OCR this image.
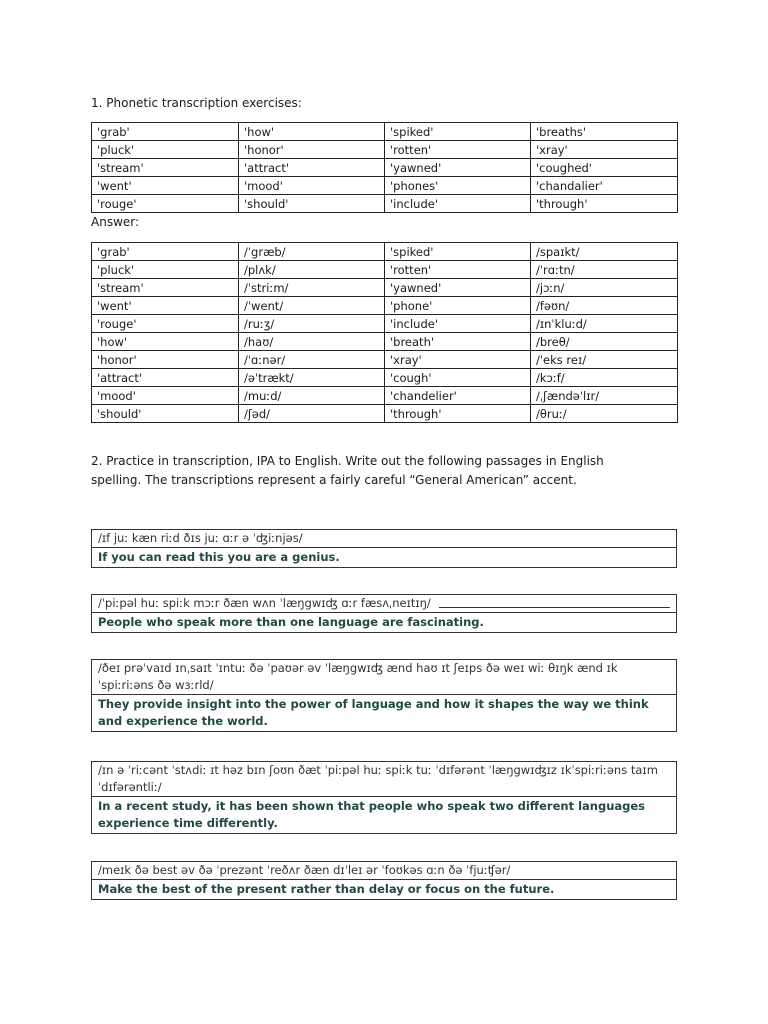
1. Phonetic transcription exercises:
'grab'	'how'	'spiked'	'breaths'
'pluck'	'honor'	'rotten'	'xray'
'stream'	'attract'	'yawned'	'coughed'
'went'	'mood'	'phones'	'chandalier'
'rouge'	'should'	'include'	'through'
Answer:
'grab'	/ˈgræb/	'spiked'	/spaɪkt/
'pluck'	/plʌk/	'rotten'	/ˈrɑːtn/
'stream'	/ˈstriːm/	'yawned'	/jɔːn/
'went'	/ˈwent/	'phone'	/fəʊn/
'rouge'	/ruːʒ/	'include'	/ɪnˈkluːd/
'how'	/haʊ/	'breath'	/breθ/
'honor'	/ˈɑːnər/	'xray'	/ˈeks reɪ/
'attract'	/əˈtrækt/	'cough'	/kɔːf/
'mood'	/muːd/	'chandelier'	/ˌʃændəˈlɪr/
'should'	/ʃəd/	'through'	/θruː/
2. Practice in transcription, IPA to English. Write out the following passages in English spelling. The transcriptions represent a fairly careful “General American” accent.
/ɪf juː kæn riːd ðɪs juː ɑːr ə ˈʤiːnjəs/
If you can read this you are a genius.
/ˈpiːpəl huː spiːk mɔːr ðæn wʌn ˈlæŋgwɪʤ ɑːr fæsʌˌneɪtɪŋ/
People who speak more than one language are fascinating.
/ðeɪ prəˈvaɪd ɪnˌsaɪt ˈɪntuː ðə ˈpaʊər əv ˈlæŋgwɪʤ ænd haʊ ɪt ʃeɪps ðə weɪ wiː θɪŋk ænd ɪkˈspiːriːəns ðə wɜːrld/
They provide insight into the power of language and how it shapes the way we think and experience the world.
/ɪn ə ˈriːcənt ˈstʌdiː ɪt həz bɪn ʃoʊn ðæt ˈpiːpəl huː spiːk tuː ˈdɪfərənt ˈlæŋgwɪʤɪz ɪkˈspiːriːəns taɪm ˈdɪfərəntliː/
In a recent study, it has been shown that people who speak two different languages experience time differently.
/meɪk ðə best əv ðə ˈprezənt ˈreðʌr ðæn dɪˈleɪ ər ˈfoʊkəs ɑːn ðə ˈfjuːʧər/
Make the best of the present rather than delay or focus on the future.
